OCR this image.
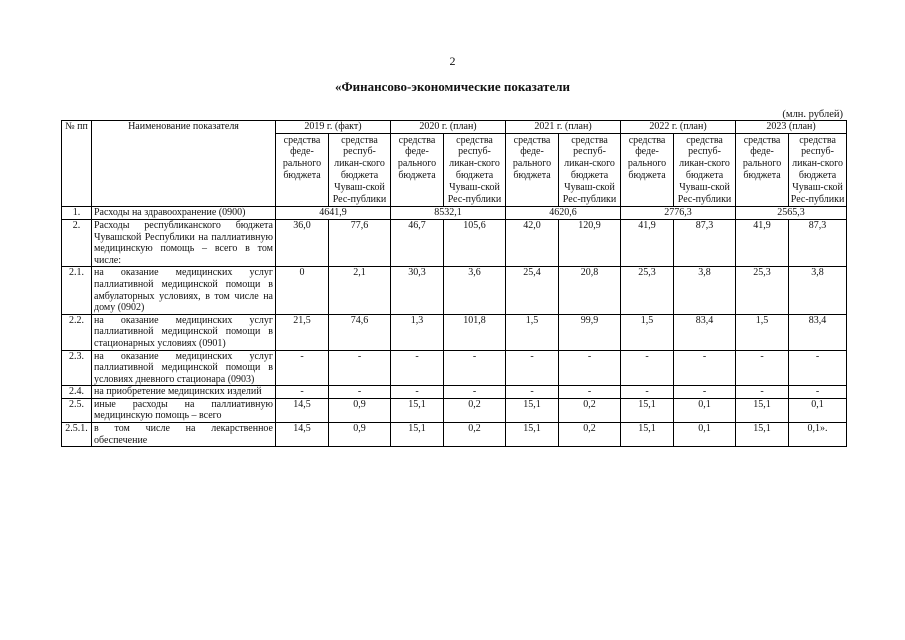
2
«Финансово-экономические показатели
(млн. рублей)
№ пп	Наименование показателя	2019 г. (факт)		2020 г. (план)		2021 г. (план)		2022 г. (план)		2023 (план)	
		средства феде-рального бюджета	средства респуб-ликан-ского бюджета Чуваш-ской Рес-публики	средства феде-рального бюджета	средства респуб-ликан-ского бюджета Чуваш-ской Рес-публики	средства феде-рального бюджета	средства респуб-ликан-ского бюджета Чуваш-ской Рес-публики	средства феде-рального бюджета	средства респуб-ликан-ского бюджета Чуваш-ской Рес-публики	средства феде-рального бюджета	средства респуб-ликан-ского бюджета Чуваш-ской Рес-публики
1.	Расходы на здравоохранение (0900)	4641,9		8532,1		4620,6		2776,3		2565,3	
2.	Расходы республиканского бюджета Чувашской Республики на паллиативную медицинскую помощь – всего в том числе:	36,0	77,6	46,7	105,6	42,0	120,9	41,9	87,3	41,9	87,3
2.1.	на оказание медицинских услуг паллиативной медицинской помощи в амбулаторных условиях, в том числе на дому (0902)	0	2,1	30,3	3,6	25,4	20,8	25,3	3,8	25,3	3,8
2.2.	на оказание медицинских услуг паллиативной медицинской помощи в стационарных условиях (0901)	21,5	74,6	1,3	101,8	1,5	99,9	1,5	83,4	1,5	83,4
2.3.	на оказание медицинских услуг паллиативной медицинской помощи в условиях дневного стационара (0903)	-	-	-	-	-	-	-	-	-	-
2.4.	на приобретение медицинских изделий	-	-	-	-	-	-	-	-	-	-
2.5.	иные расходы на паллиативную медицинскую помощь – всего	14,5	0,9	15,1	0,2	15,1	0,2	15,1	0,1	15,1	0,1
2.5.1.	в том числе на лекарственное обеспечение	14,5	0,9	15,1	0,2	15,1	0,2	15,1	0,1	15,1	0,1».
